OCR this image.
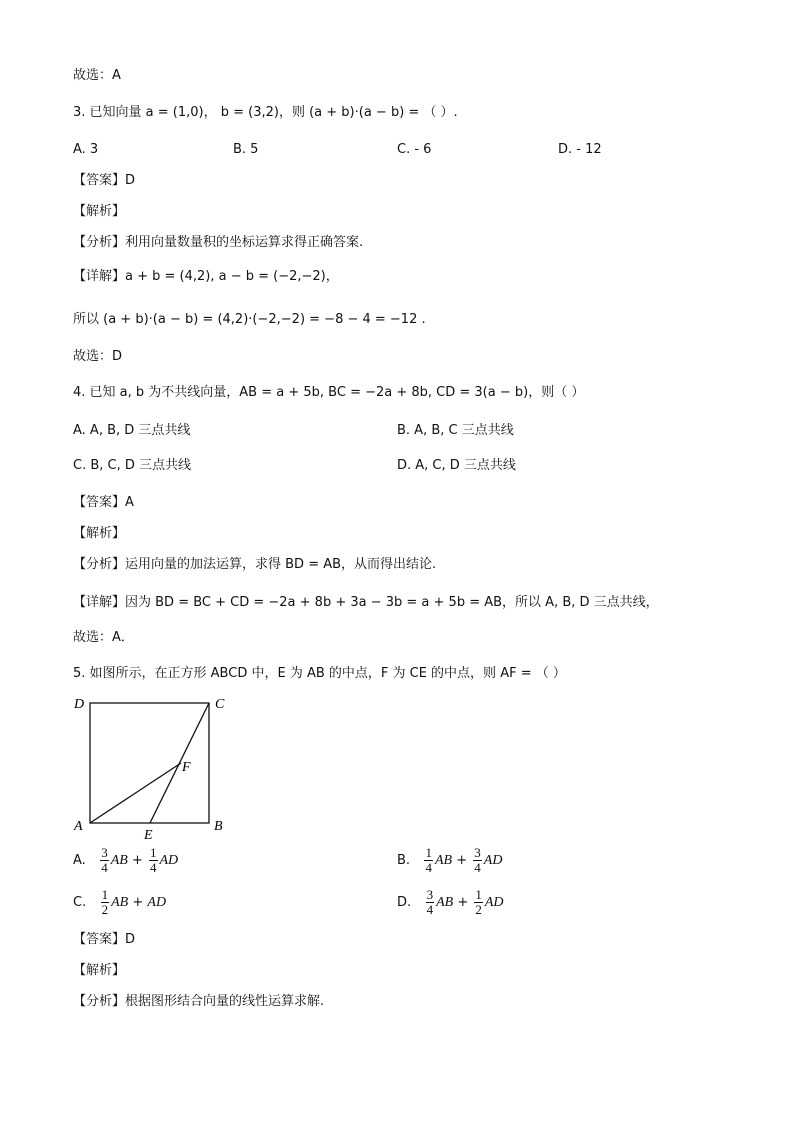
故选：A
3. 已知向量 a = (1,0)， b = (3,2)，则 (a + b)·(a − b) = （ ）.
A. 3	B. 5	C. - 6	D. - 12
【答案】D
【解析】
【分析】利用向量数量积的坐标运算求得正确答案.
【详解】a + b = (4,2), a − b = (−2,−2)，
所以 (a + b)·(a − b) = (4,2)·(−2,−2) = −8 − 4 = −12 .
故选：D
4. 已知 a, b 为不共线向量，AB = a + 5b, BC = −2a + 8b, CD = 3(a − b)，则（ ）
A. A, B, D 三点共线	B. A, B, C 三点共线
C. B, C, D 三点共线	D. A, C, D 三点共线
【答案】A
【解析】
【分析】运用向量的加法运算，求得 BD = AB，从而得出结论.
【详解】因为 BD = BC + CD = −2a + 8b + 3a − 3b = a + 5b = AB，所以 A, B, D 三点共线，
故选：A．
5. 如图所示，在正方形 ABCD 中，E 为 AB 的中点，F 为 CE 的中点，则 AF = （ ）
D	C
A	B
E
F
A. $\frac{3}{4}$ AB + $\frac{1}{4}$ AD	B. $\frac{1}{4}$ AB + $\frac{3}{4}$ AD
C. $\frac{1}{2}$ AB + AD	D. $\frac{3}{4}$ AB + $\frac{1}{2}$ AD
【答案】D
【解析】
【分析】根据图形结合向量的线性运算求解.
